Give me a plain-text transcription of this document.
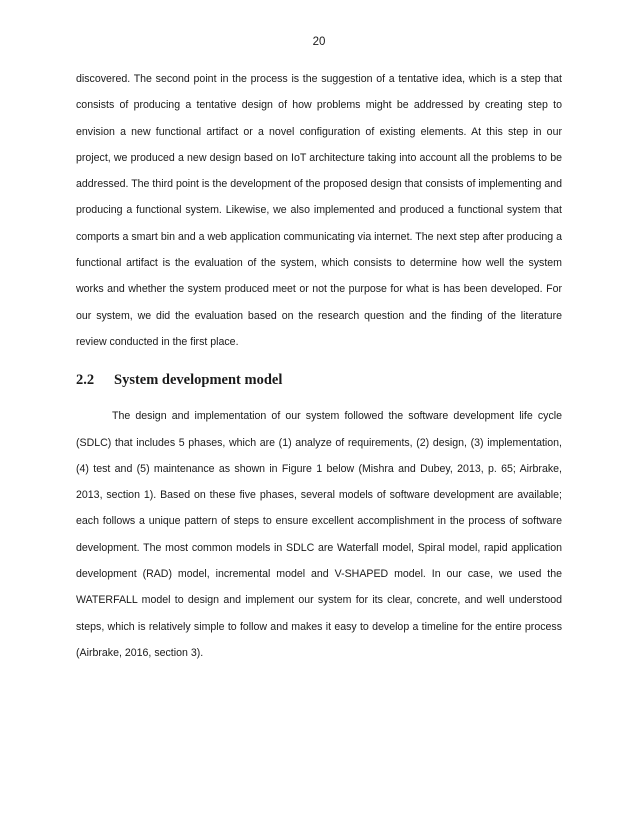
20

discovered. The second point in the process is the suggestion of a tentative idea, which is a step that consists of producing a tentative design of how problems might be addressed by creating step to envision a new functional artifact or a novel configuration of existing elements. At this step in our project, we produced a new design based on IoT architecture taking into account all the problems to be addressed. The third point is the development of the proposed design that consists of implementing and producing a functional system. Likewise, we also implemented and produced a functional system that comports a smart bin and a web application communicating via internet. The next step after producing a functional artifact is the evaluation of the system, which consists to determine how well the system works and whether the system produced meet or not the purpose for what is has been developed. For our system, we did the evaluation based on the research question and the finding of the literature review conducted in the first place.

2.2	System development model

The design and implementation of our system followed the software development life cycle (SDLC) that includes 5 phases, which are (1) analyze of requirements, (2) design, (3) implementation, (4) test and (5) maintenance as shown in Figure 1 below (Mishra and Dubey, 2013, p. 65; Airbrake, 2013, section 1). Based on these five phases, several models of software development are available; each follows a unique pattern of steps to ensure excellent accomplishment in the process of software development. The most common models in SDLC are Waterfall model, Spiral model, rapid application development (RAD) model, incremental model and V-SHAPED model. In our case, we used the WATERFALL model to design and implement our system for its clear, concrete, and well understood steps, which is relatively simple to follow and makes it easy to develop a timeline for the entire process (Airbrake, 2016, section 3).
